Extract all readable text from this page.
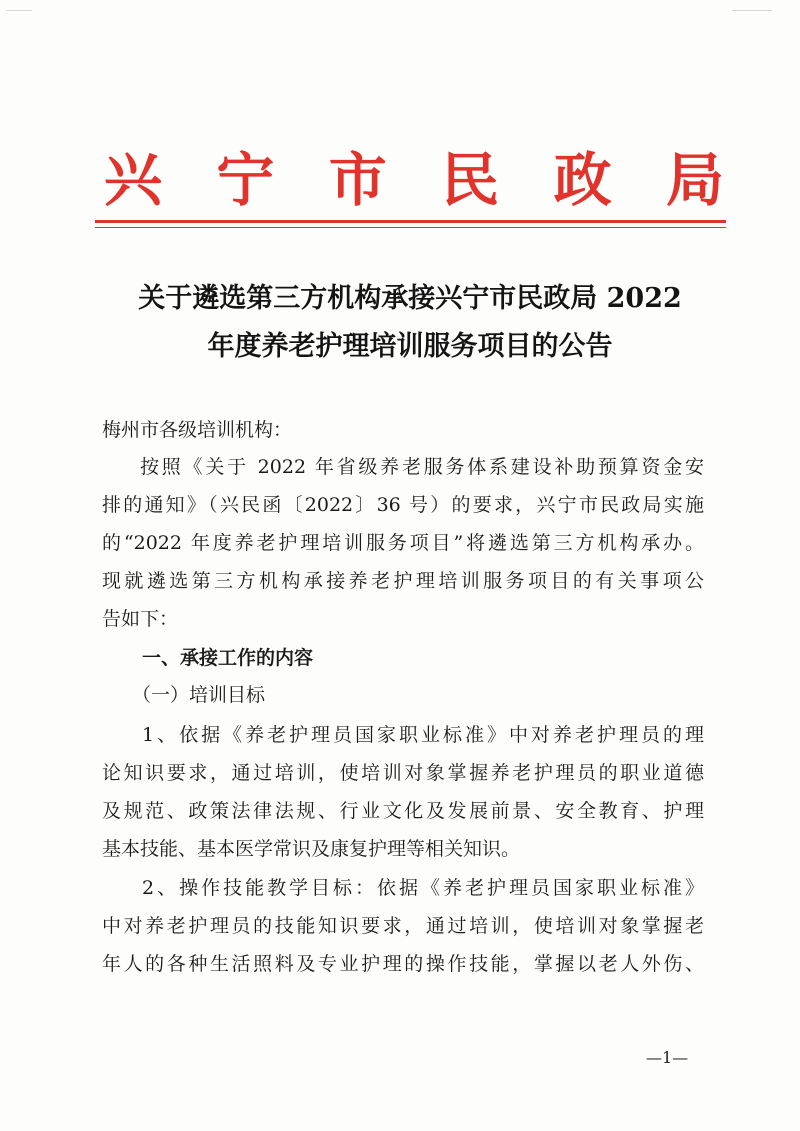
兴 宁 市 民 政 局
关于遴选第三方机构承接兴宁市民政局 2022
年度养老护理培训服务项目的公告
梅州市各级培训机构：
按照《关于 2022 年省级养老服务体系建设补助预算资金安
排的通知》（兴民函〔2022〕36 号）的要求，兴宁市民政局实施
的“2022 年度养老护理培训服务项目”将遴选第三方机构承办。
现就遴选第三方机构承接养老护理培训服务项目的有关事项公
告如下：
一、承接工作的内容
（一）培训目标
1、依据《养老护理员国家职业标准》中对养老护理员的理
论知识要求，通过培训，使培训对象掌握养老护理员的职业道德
及规范、政策法律法规、行业文化及发展前景、安全教育、护理
基本技能、基本医学常识及康复护理等相关知识。
2、操作技能教学目标：依据《养老护理员国家职业标准》
中对养老护理员的技能知识要求，通过培训，使培训对象掌握老
年人的各种生活照料及专业护理的操作技能，掌握以老人外伤、
—1—
